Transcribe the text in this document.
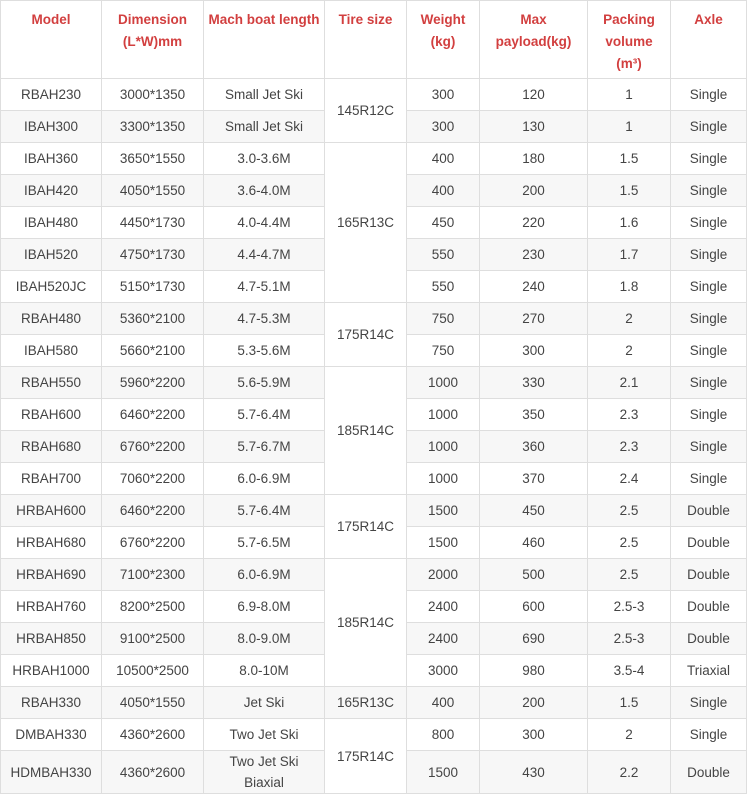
Model	Dimension (L*W)mm	Mach boat length	Tire size	Weight (kg)	Max payload(kg)	Packing volume (m³)	Axle
RBAH230	3000*1350	Small Jet Ski	145R12C	300	120	1	Single
IBAH300	3300*1350	Small Jet Ski		300	130	1	Single
IBAH360	3650*1550	3.0-3.6M	165R13C	400	180	1.5	Single
IBAH420	4050*1550	3.6-4.0M		400	200	1.5	Single
IBAH480	4450*1730	4.0-4.4M		450	220	1.6	Single
IBAH520	4750*1730	4.4-4.7M		550	230	1.7	Single
IBAH520JC	5150*1730	4.7-5.1M		550	240	1.8	Single
RBAH480	5360*2100	4.7-5.3M	175R14C	750	270	2	Single
IBAH580	5660*2100	5.3-5.6M		750	300	2	Single
RBAH550	5960*2200	5.6-5.9M	185R14C	1000	330	2.1	Single
RBAH600	6460*2200	5.7-6.4M		1000	350	2.3	Single
RBAH680	6760*2200	5.7-6.7M		1000	360	2.3	Single
RBAH700	7060*2200	6.0-6.9M		1000	370	2.4	Single
HRBAH600	6460*2200	5.7-6.4M	175R14C	1500	450	2.5	Double
HRBAH680	6760*2200	5.7-6.5M		1500	460	2.5	Double
HRBAH690	7100*2300	6.0-6.9M	185R14C	2000	500	2.5	Double
HRBAH760	8200*2500	6.9-8.0M		2400	600	2.5-3	Double
HRBAH850	9100*2500	8.0-9.0M		2400	690	2.5-3	Double
HRBAH1000	10500*2500	8.0-10M		3000	980	3.5-4	Triaxial
RBAH330	4050*1550	Jet Ski	165R13C	400	200	1.5	Single
DMBAH330	4360*2600	Two Jet Ski	175R14C	800	300	2	Single
HDMBAH330	4360*2600	Two Jet Ski Biaxial		1500	430	2.2	Double
